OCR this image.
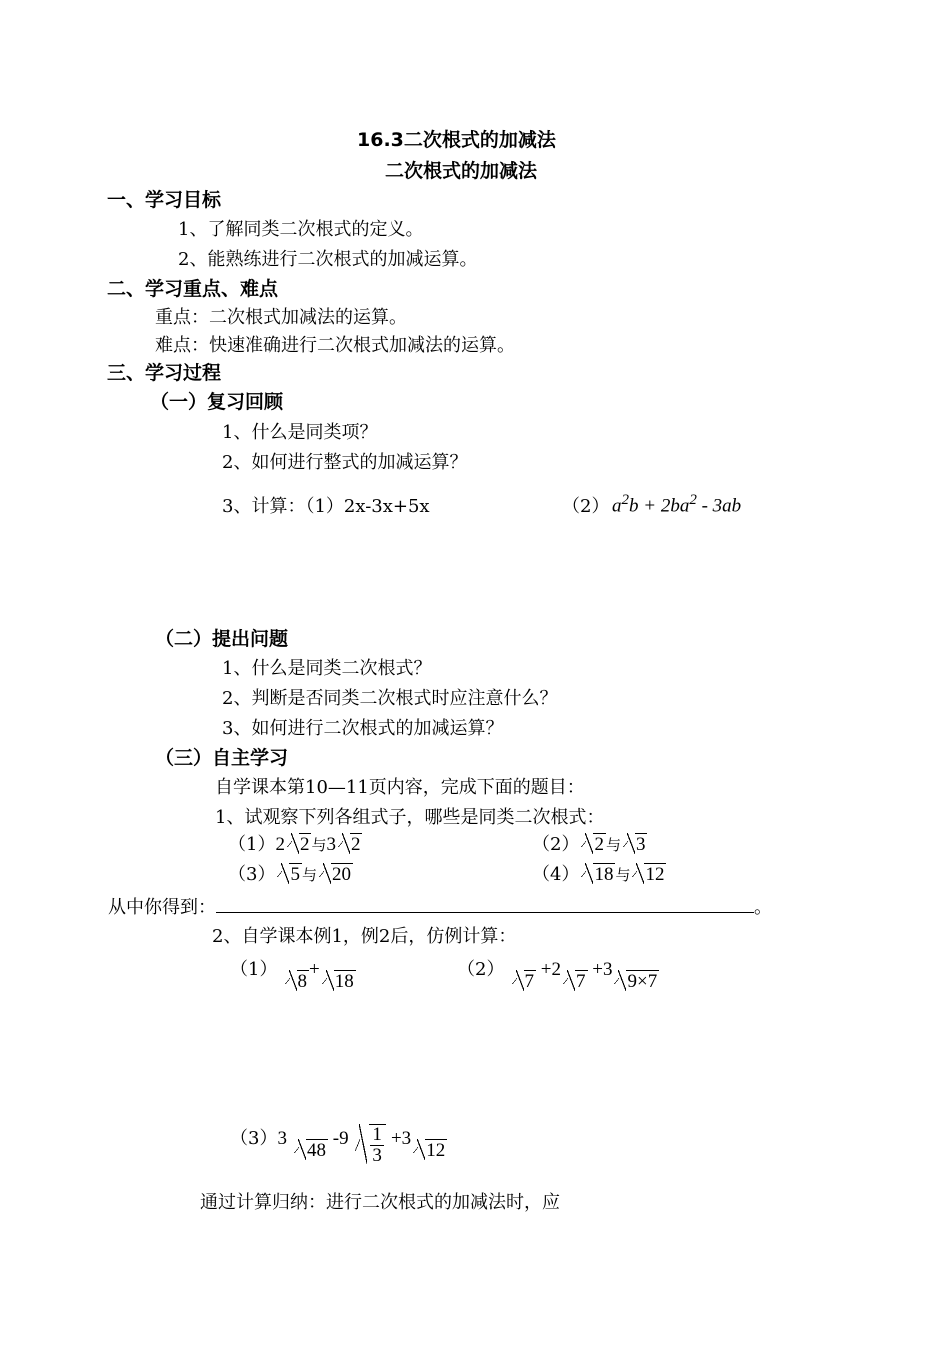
16.3二次根式的加减法
二次根式的加减法
一、学习目标
1、了解同类二次根式的定义。
2、能熟练进行二次根式的加减运算。
二、学习重点、难点
重点：二次根式加减法的运算。
难点：快速准确进行二次根式加减法的运算。
三、学习过程
（一）复习回顾
1、什么是同类项？
2、如何进行整式的加减运算？
3、计算：（1）2x-3x+5x	（2） $a^2b + 2ba^2 - 3ab$
（二）提出问题
1、什么是同类二次根式？
2、判断是否同类二次根式时应注意什么？
3、如何进行二次根式的加减运算？
（三）自主学习
自学课本第10—11页内容，完成下面的题目：
1、试观察下列各组式子，哪些是同类二次根式：
（1）2 2 与3 2	（2） 2 与 3
（3） 5 与 20	（4） 18 与 12
从中你得到：	。
2、自学课本例1，例2后，仿例计算：
（1） 8+18
（2） 7 +27 +39×7
（3）3 48 $-9 \frac{1}{3} +312$
通过计算归纳：进行二次根式的加减法时，应
